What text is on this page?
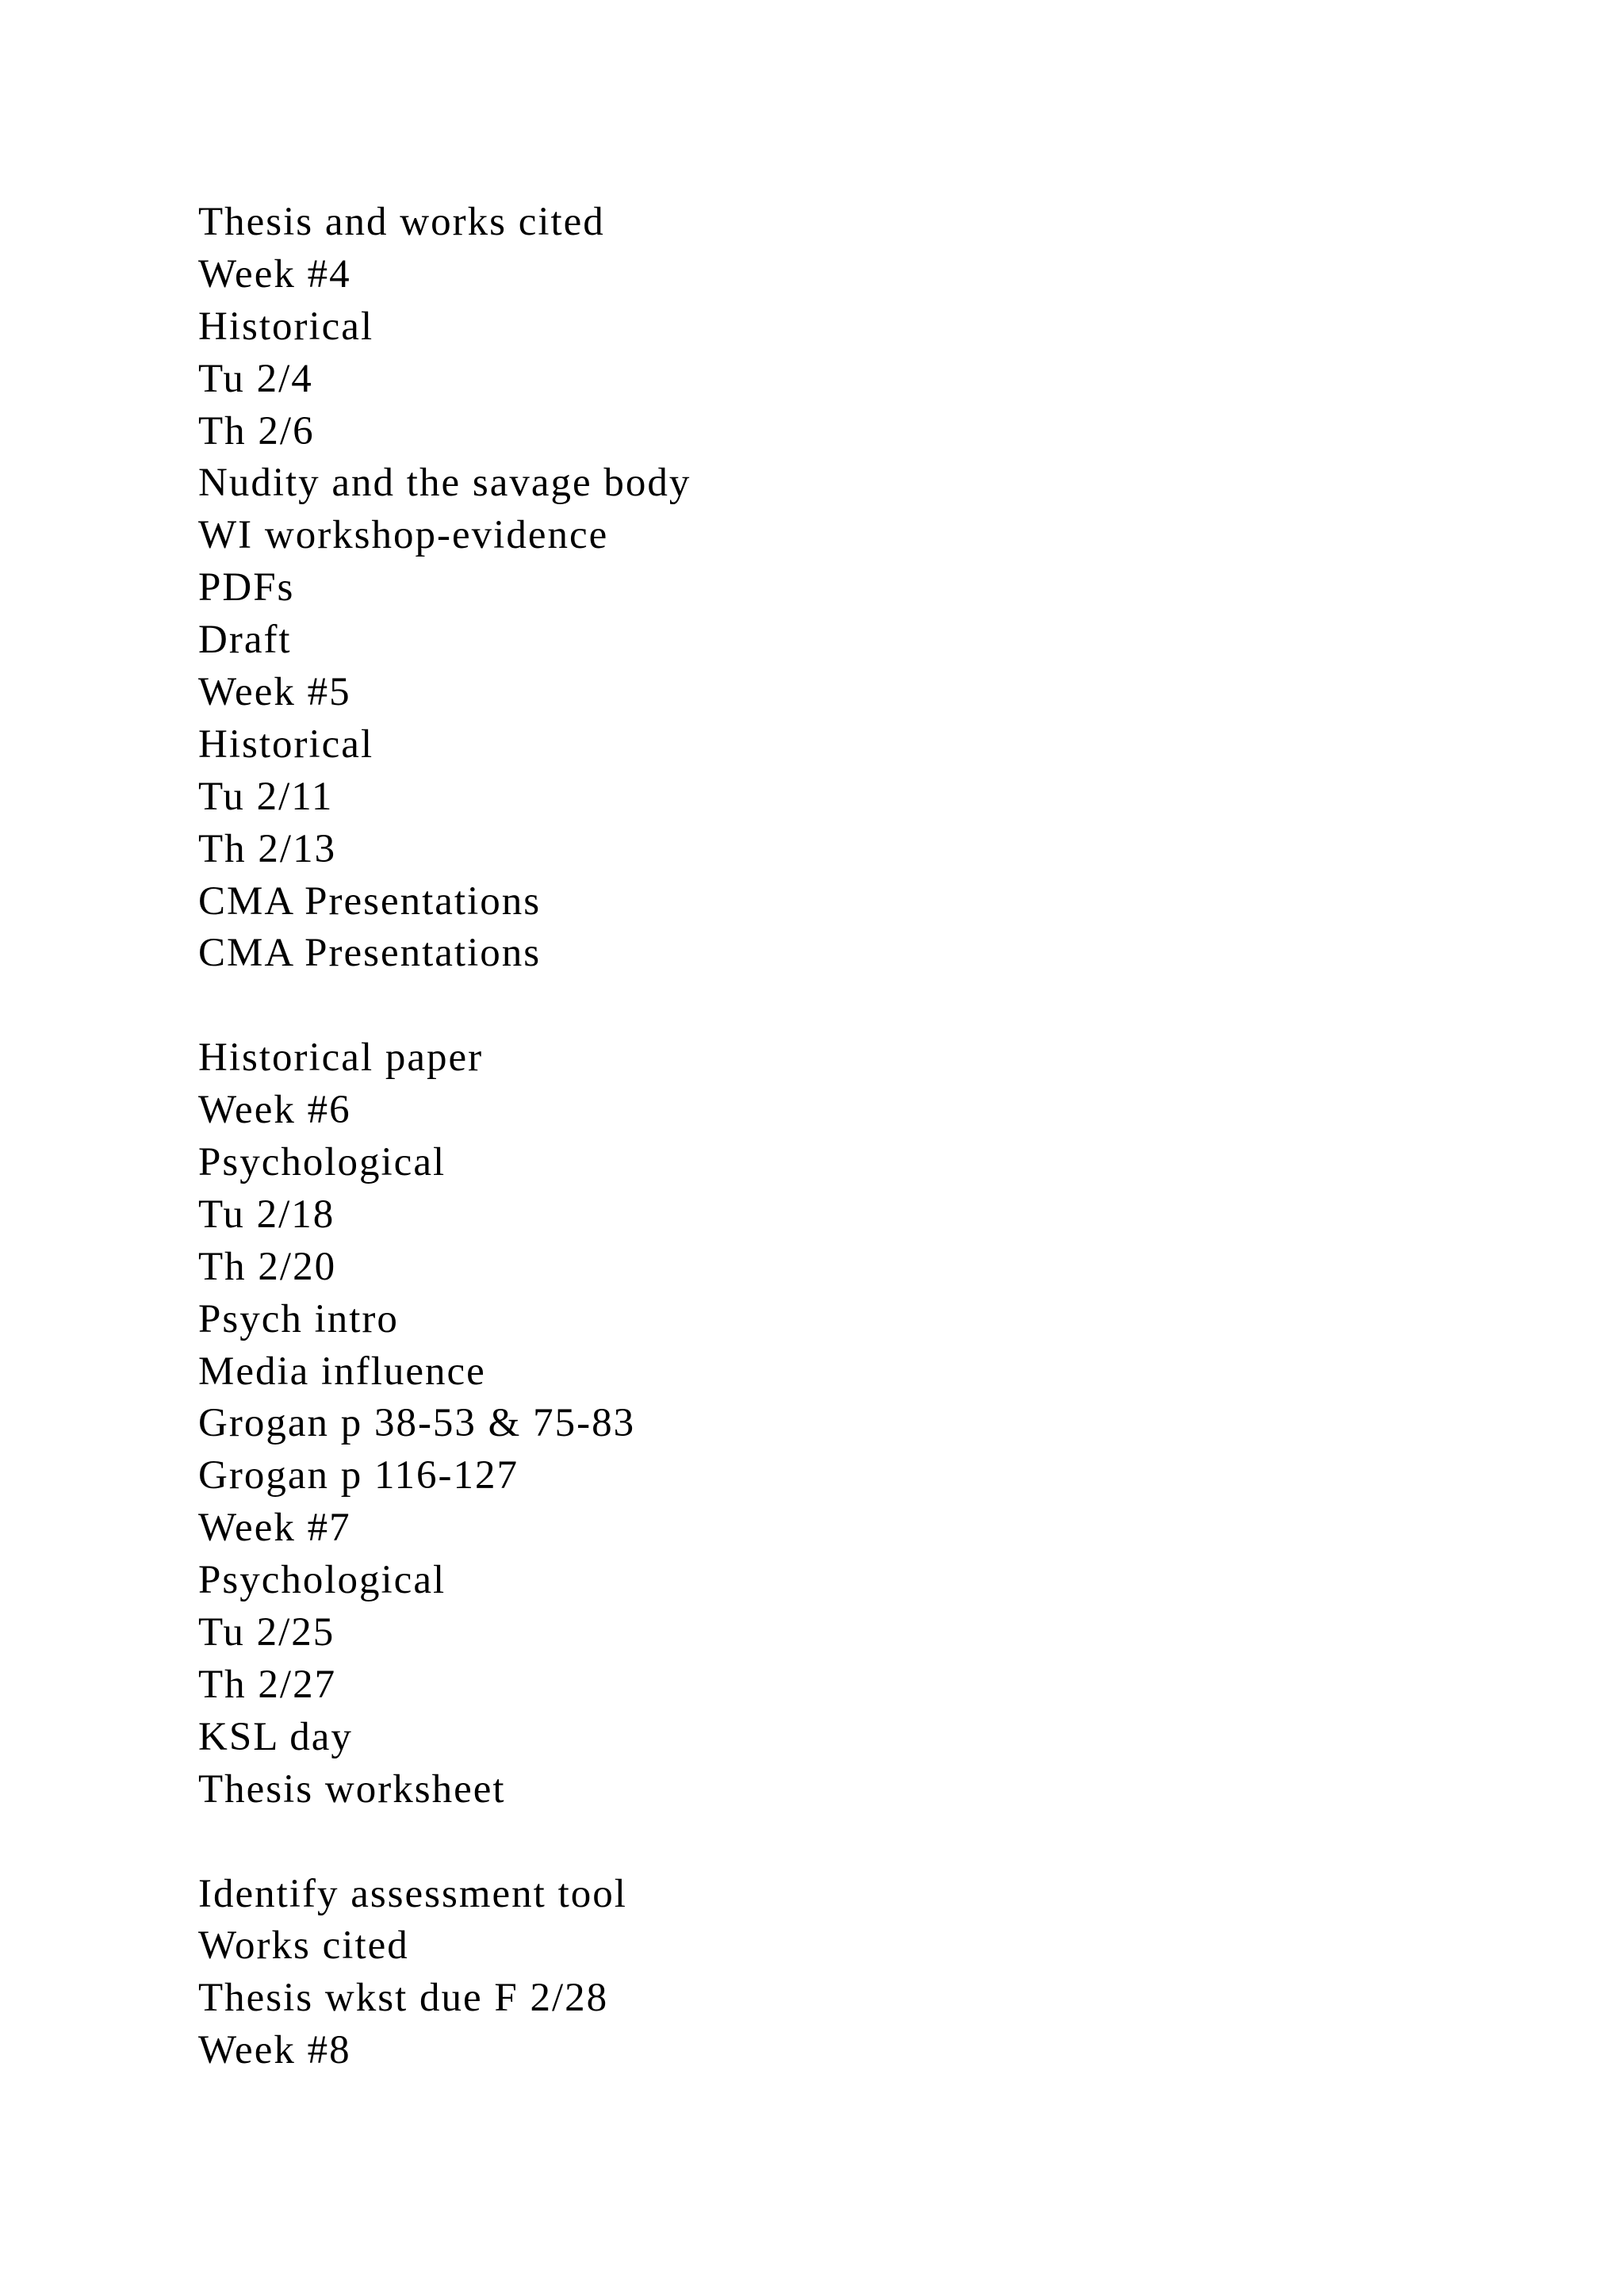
Thesis and works cited
Week #4
Historical
Tu 2/4
Th 2/6
Nudity and the savage body
WI workshop-evidence
PDFs
Draft
Week #5
Historical
Tu 2/11
Th 2/13
CMA Presentations
CMA Presentations
Historical paper
Week #6
Psychological
Tu 2/18
Th 2/20
Psych intro
Media influence
Grogan p 38-53 & 75-83
Grogan p 116-127
Week #7
Psychological
Tu 2/25
Th 2/27
KSL day
Thesis worksheet
Identify assessment tool
Works cited
Thesis wkst due F 2/28
Week #8
